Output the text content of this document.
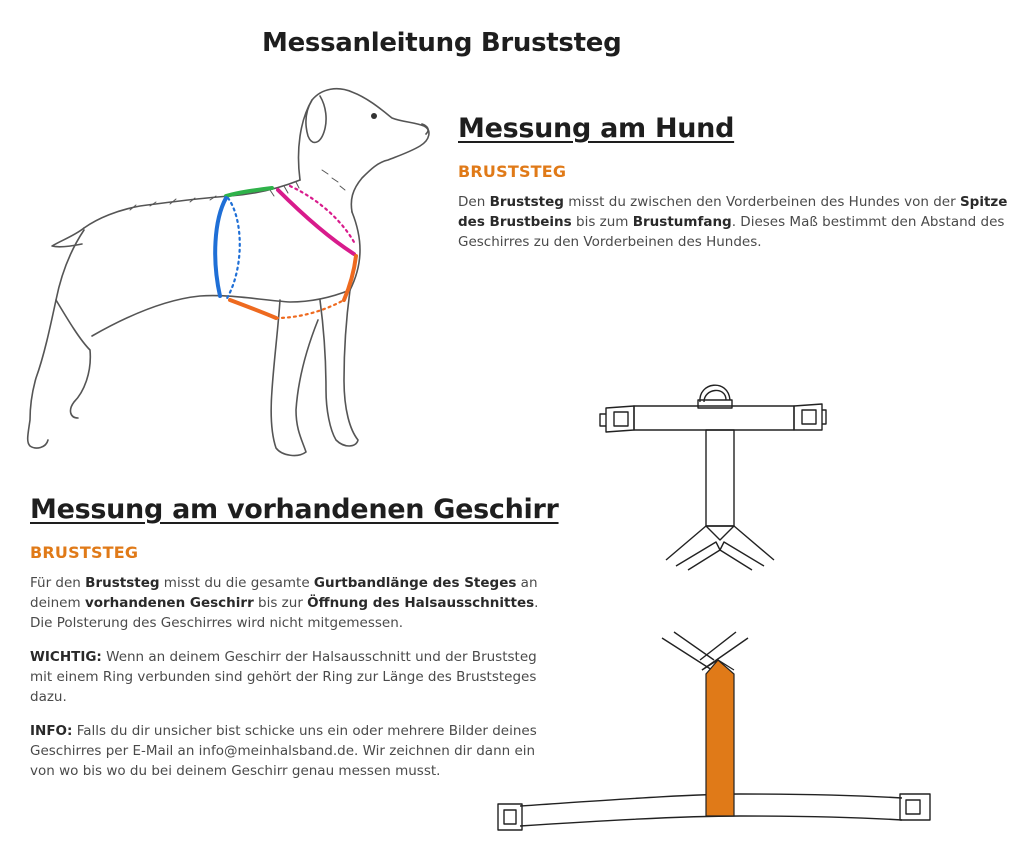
Messanleitung Bruststeg
Messung am Hund
BRUSTSTEG
Den Bruststeg misst du zwischen den Vorderbeinen des Hundes von der Spitze des Brustbeins bis zum Brustumfang. Dieses Maß bestimmt den Abstand des Geschirres zu den Vorderbeinen des Hundes.
Messung am vorhandenen Geschirr
BRUSTSTEG
Für den Bruststeg misst du die gesamte Gurtbandlänge des Steges an deinem vorhandenen Geschirr bis zur Öffnung des Halsausschnittes. Die Polsterung des Geschirres wird nicht mitgemessen.
WICHTIG: Wenn an deinem Geschirr der Halsausschnitt und der Bruststeg mit einem Ring verbunden sind gehört der Ring zur Länge des Bruststeges dazu.
INFO: Falls du dir unsicher bist schicke uns ein oder mehrere Bilder deines Geschirres per E-Mail an info@meinhalsband.de. Wir zeichnen dir dann ein von wo bis wo du bei deinem Geschirr genau messen musst.
